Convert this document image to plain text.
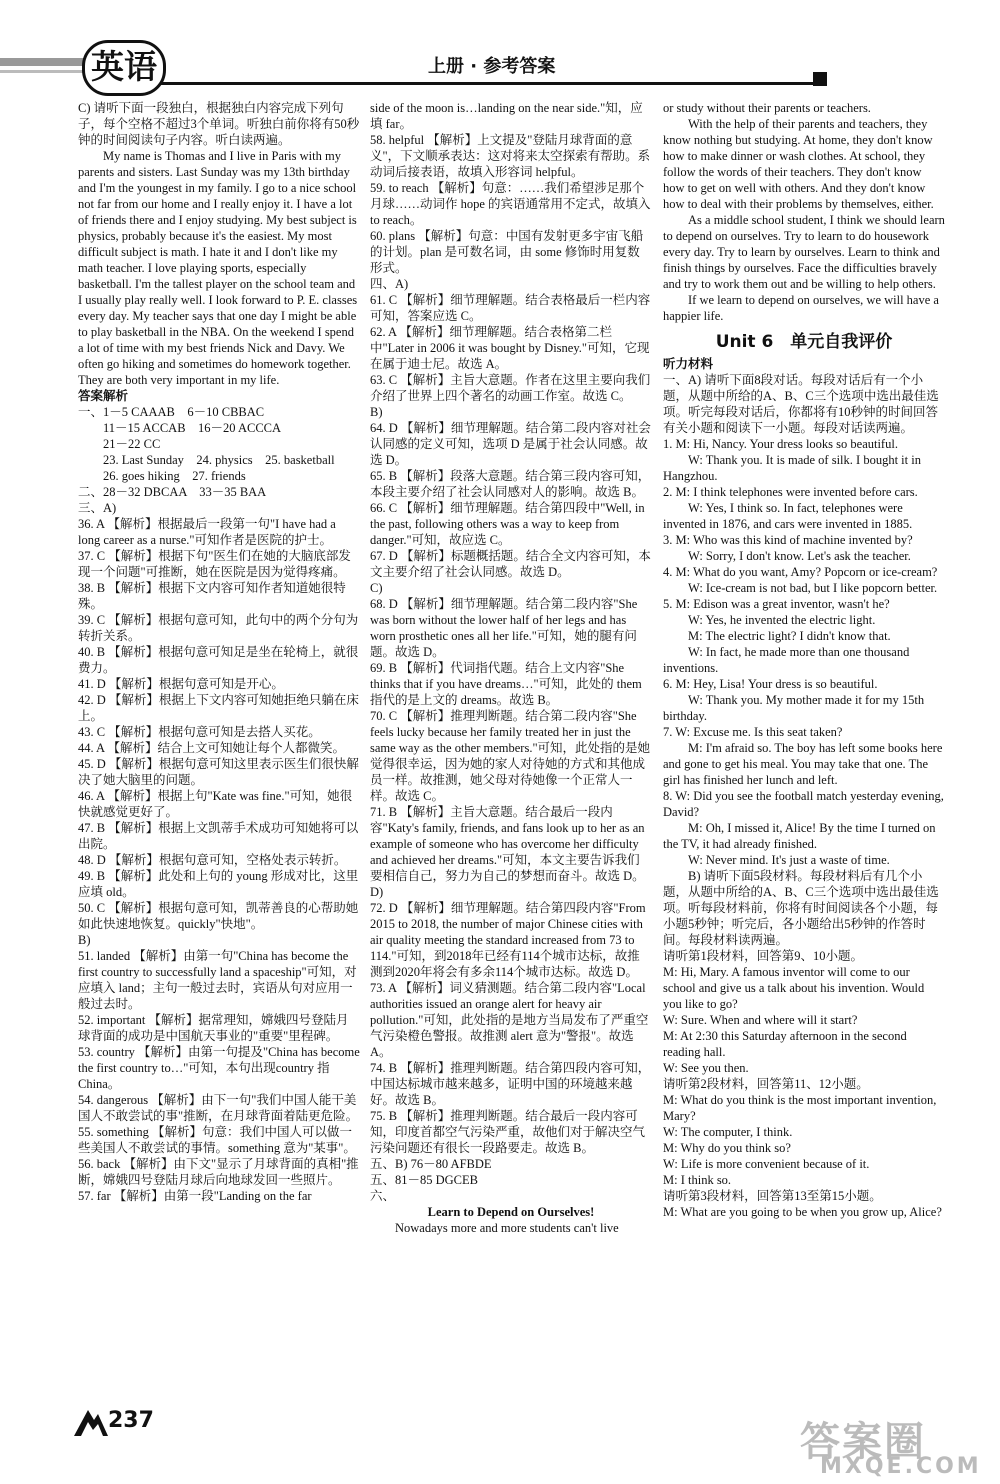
英语	上册 · 参考答案

C) 请听下面一段独白，根据独白内容完成下列句子，每个空格不超过3个单词。听独白前你将有50秒钟的时间阅读句子内容。听白读两遍。

My name is Thomas and I live in Paris with my parents and sisters. Last Sunday was my 13th birthday and I'm the youngest in my family. I go to a nice school not far from our home and I really enjoy it. I have a lot of friends there and I enjoy studying. My best subject is physics, probably because it's the easiest. My most difficult subject is math. I hate it and I don't like my math teacher. I love playing sports, especially basketball. I'm the tallest player on the school team and I usually play really well. I look forward to P. E. classes every day. My teacher says that one day I might be able to play basketball in the NBA. On the weekend I spend a lot of time with my best friends Nick and Davy. We often go hiking and sometimes do homework together. They are both very important in my life.

答案解析

一、1－5 CAAAB　6－10 CBBAC

11－15 ACCAB　16－20 ACCCA

21－22 CC

23. Last Sunday　24. physics　25. basketball

26. goes hiking　27. friends

二、28－32 DBCAA　33－35 BAA

三、A)

36. A 【解析】根据最后一段第一句"I have had a long career as a nurse."可知作者是医院的护士。

37. C 【解析】根据下句"医生们在她的大脑底部发现一个问题"可推断，她在医院是因为觉得疼痛。

38. B 【解析】根据下文内容可知作者知道她很特殊。

39. C 【解析】根据句意可知，此句中的两个分句为转折关系。

40. B 【解析】根据句意可知足是坐在轮椅上，就很费力。

41. D 【解析】根据句意可知是开心。

42. D 【解析】根据上下文内容可知她拒绝只躺在床上。

43. C 【解析】根据句意可知是去搭人买花。

44. A 【解析】结合上文可知她让每个人都微笑。

45. D 【解析】根据句意可知这里表示医生们很快解决了她大脑里的问题。

46. A 【解析】根据上句"Kate was fine."可知，她很快就感觉更好了。

47. B 【解析】根据上文凯蒂手术成功可知她将可以出院。

48. D 【解析】根据句意可知，空格处表示转折。

49. B 【解析】此处和上句的 young 形成对比，这里应填 old。

50. C 【解析】根据句意可知，凯蒂善良的心帮助她如此快速地恢复。quickly"快地"。

B)

51. landed 【解析】由第一句"China has become the first country to successfully land a spaceship"可知，对应填入 land；主句一般过去时，宾语从句对应用一般过去时。

52. important 【解析】据常理知，嫦娥四号登陆月球背面的成功是中国航天事业的"重要"里程碑。

53. country 【解析】由第一句提及"China has become the first country to…"可知，本句出现country 指 China。

54. dangerous 【解析】由下一句"我们中国人能干美国人不敢尝试的事"推断，在月球背面着陆更危险。

55. something 【解析】句意：我们中国人可以做一些美国人不敢尝试的事情。something 意为"某事"。

56. back 【解析】由下文"显示了月球背面的真相"推断，嫦娥四号登陆月球后向地球发回一些照片。

57. far 【解析】由第一段"Landing on the far

side of the moon is…landing on the near side."知，应填 far。

58. helpful 【解析】上文提及"登陆月球背面的意义"，下文顺承表达：这对将来太空探索有帮助。系动词后接表语，故填入形容词 helpful。

59. to reach 【解析】句意：……我们希望涉足那个月球……动词作 hope 的宾语通常用不定式，故填入 to reach。

60. plans 【解析】句意：中国有发射更多宇宙飞船的计划。plan 是可数名词，由 some 修饰时用复数形式。

四、A)

61. C 【解析】细节理解题。结合表格最后一栏内容可知，答案应选 C。

62. A 【解析】细节理解题。结合表格第二栏中"Later in 2006 it was bought by Disney."可知，它现在属于迪士尼。故选 A。

63. C 【解析】主旨大意题。作者在这里主要向我们介绍了世界上四个著名的动画工作室。故选 C。

B)

64. D 【解析】细节理解题。结合第二段内容对社会认同感的定义可知，选项 D 是属于社会认同感。故选 D。

65. B 【解析】段落大意题。结合第三段内容可知，本段主要介绍了社会认同感对人的影响。故选 B。

66. C 【解析】细节理解题。结合第四段中"Well, in the past, following others was a way to keep from danger."可知，故应选 C。

67. D 【解析】标题概括题。结合全文内容可知，本文主要介绍了社会认同感。故选 D。

C)

68. D 【解析】细节理解题。结合第二段内容"She was born without the lower half of her legs and has worn prosthetic ones all her life."可知，她的腿有问题。故选 D。

69. B 【解析】代词指代题。结合上文内容"She thinks that if you have dreams…"可知，此处的 them 指代的是上文的 dreams。故选 B。

70. C 【解析】推理判断题。结合第二段内容"She feels lucky because her family treated her in just the same way as the other members."可知，此处指的是她觉得很幸运，因为她的家人对待她的方式和其他成员一样。故推测，她父母对待她像一个正常人一样。故选 C。

71. B 【解析】主旨大意题。结合最后一段内容"Katy's family, friends, and fans look up to her as an example of someone who has overcome her difficulty and achieved her dreams."可知，本文主要告诉我们要相信自己，努力为自己的梦想而奋斗。故选 D。

D)

72. D 【解析】细节理解题。结合第四段内容"From 2015 to 2018, the number of major Chinese cities with air quality meeting the standard increased from 73 to 114."可知，到2018年已经有114个城市达标，故推测到2020年将会有多余114个城市达标。故选 D。

73. A 【解析】词义猜测题。结合第二段内容"Local authorities issued an orange alert for heavy air pollution."可知，此处指的是地方当局发布了严重空气污染橙色警报。故推测 alert 意为"警报"。故选 A。

74. B 【解析】推理判断题。结合第四段内容可知，中国达标城市越来越多，证明中国的环境越来越好。故选 B。

75. B 【解析】推理判断题。结合最后一段内容可知，印度首都空气污染严重，故他们对于解决空气污染问题还有很长一段路要走。故选 B。

五、B) 76－80 AFBDE

五、81－85 DGCEB

六、

Learn to Depend on Ourselves!

Nowadays more and more students can't live

or study without their parents or teachers.

With the help of their parents and teachers, they know nothing but studying. At home, they don't know how to make dinner or wash clothes. At school, they follow the words of their teachers. They don't know how to get on well with others. And they don't know how to deal with their problems by themselves, either.

As a middle school student, I think we should learn to depend on ourselves. Try to learn to do housework every day. Try to learn by ourselves. Learn to think and finish things by ourselves. Face the difficulties bravely and try to work them out and be willing to help others.

If we learn to depend on ourselves, we will have a happier life.

Unit 6　单元自我评价

听力材料

一、A) 请听下面8段对话。每段对话后有一个小题，从题中所给的A、B、C三个选项中选出最佳选项。听完每段对话后，你都将有10秒钟的时间回答有关小题和阅读下一小题。每段对话读两遍。

1. M: Hi, Nancy. Your dress looks so beautiful.

W: Thank you. It is made of silk. I bought it in Hangzhou.

2. M: I think telephones were invented before cars.

W: Yes, I think so. In fact, telephones were invented in 1876, and cars were invented in 1885.

3. M: Who was this kind of machine invented by?

W: Sorry, I don't know. Let's ask the teacher.

4. M: What do you want, Amy? Popcorn or ice-cream?

W: Ice-cream is not bad, but I like popcorn better.

5. M: Edison was a great inventor, wasn't he?

W: Yes, he invented the electric light.

M: The electric light? I didn't know that.

W: In fact, he made more than one thousand inventions.

6. M: Hey, Lisa! Your dress is so beautiful.

W: Thank you. My mother made it for my 15th birthday.

7. W: Excuse me. Is this seat taken?

M: I'm afraid so. The boy has left some books here and gone to get his meal. You may take that one. The girl has finished her lunch and left.

8. W: Did you see the football match yesterday evening, David?

M: Oh, I missed it, Alice! By the time I turned on the TV, it had already finished.

W: Never mind. It's just a waste of time.

B) 请听下面5段材料。每段材料后有几个小题，从题中所给的A、B、C三个选项中选出最佳选项。听每段材料前，你将有时间阅读各个小题，每小题5秒钟；听完后，各小题给出5秒钟的作答时间。每段材料读两遍。

请听第1段材料，回答第9、10小题。

M: Hi, Mary. A famous inventor will come to our school and give us a talk about his invention. Would you like to go?

W: Sure. When and where will it start?

M: At 2:30 this Saturday afternoon in the second reading hall.

W: See you then.

请听第2段材料，回答第11、12小题。

M: What do you think is the most important invention, Mary?

W: The computer, I think.

M: Why do you think so?

W: Life is more convenient because of it.

M: I think so.

请听第3段材料，回答第13至第15小题。

M: What are you going to be when you grow up, Alice?

237	答案圈
MXQE.COM
